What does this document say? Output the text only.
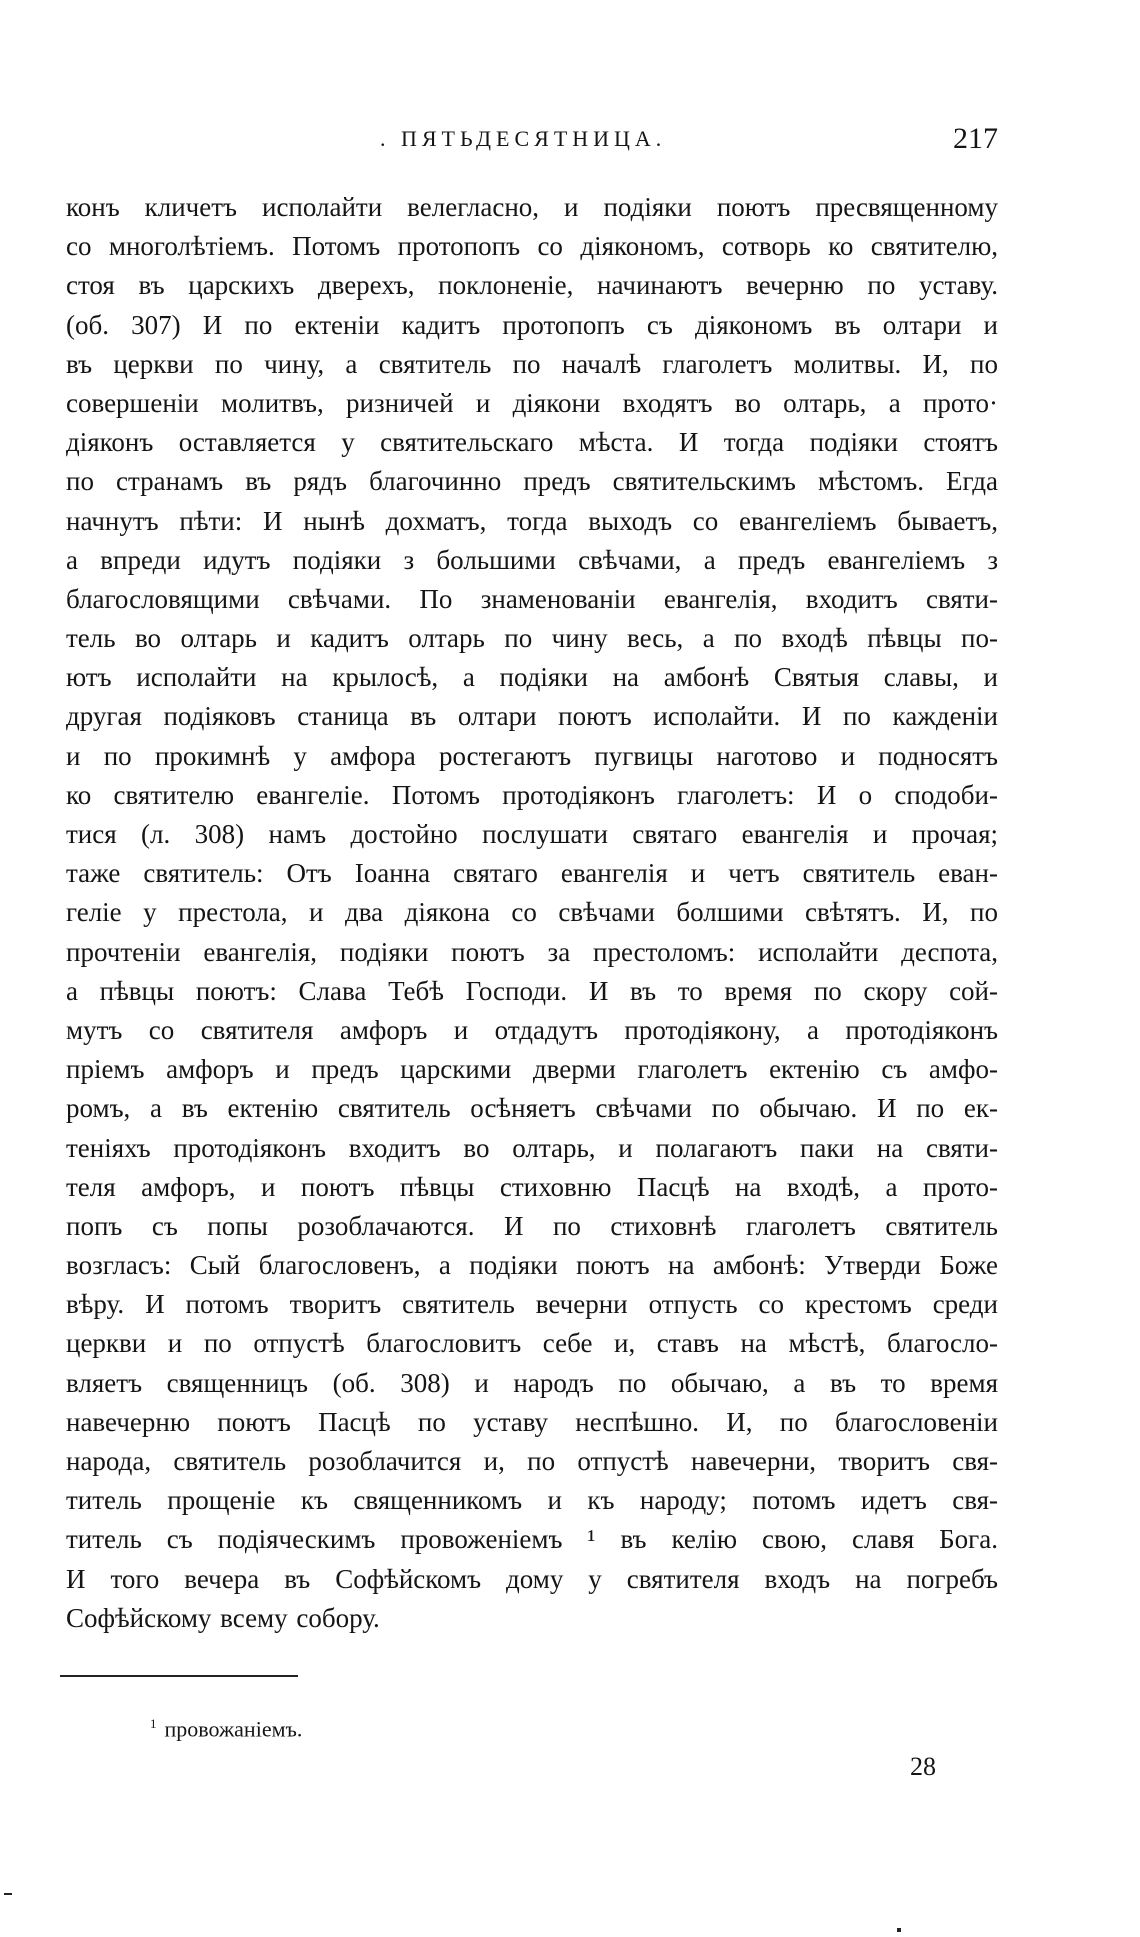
. ПЯТЬДЕСЯТНИЦА.	217
конъ кличетъ исполайти велегласно, и подіяки поютъ пресвященному
со многолѣтіемъ. Потомъ протопопъ со діякономъ, сотворь ко святителю,
стоя въ царскихъ дверехъ, поклоненіе, начинаютъ вечерню по уставу.
(об. 307) И по ектеніи кадитъ протопопъ съ діякономъ въ олтари и
въ церкви по чину, а святитель по началѣ глаголетъ молитвы. И, по
совершеніи молитвъ, ризничей и діякони входятъ во олтарь, а прото·
діяконъ оставляется у святительскаго мѣста. И тогда подіяки стоятъ
по странамъ въ рядъ благочинно предъ святительскимъ мѣстомъ. Егда
начнутъ пѣти: И нынѣ дохматъ, тогда выходъ со евангеліемъ бываетъ,
а впреди идутъ подіяки з большими свѣчами, а предъ евангеліемъ з
благословящими свѣчами. По знаменованіи евангелія, входитъ святи-
тель во олтарь и кадитъ олтарь по чину весь, а по входѣ пѣвцы по-
ютъ исполайти на крылосѣ, а подіяки на амбонѣ Святыя славы, и
другая подіяковъ станица въ олтари поютъ исполайти. И по кажденіи
и по прокимнѣ у амфора ростегаютъ пугвицы наготово и подносятъ
ко святителю евангеліе. Потомъ протодіяконъ глаголетъ: И о сподоби-
тися (л. 308) намъ достойно послушати святаго евангелія и прочая;
таже святитель: Отъ Іоанна святаго евангелія и четъ святитель еван-
геліе у престола, и два діякона со свѣчами болшими свѣтятъ. И, по
прочтеніи евангелія, подіяки поютъ за престоломъ: исполайти деспота,
а пѣвцы поютъ: Слава Тебѣ Господи. И въ то время по скору сой-
мутъ со святителя амфоръ и отдадутъ протодіякону, а протодіяконъ
пріемъ амфоръ и предъ царскими дверми глаголетъ ектенію съ амфо-
ромъ, а въ ектенію святитель осѣняетъ свѣчами по обычаю. И по ек-
теніяхъ протодіяконъ входитъ во олтарь, и полагаютъ паки на святи-
теля амфоръ, и поютъ пѣвцы стиховню Пасцѣ на входѣ, а прото-
попъ съ попы розоблачаются. И по стиховнѣ глаголетъ святитель
возгласъ: Сый благословенъ, а подіяки поютъ на амбонѣ: Утверди Боже
вѣру. И потомъ творитъ святитель вечерни отпусть со крестомъ среди
церкви и по отпустѣ благословитъ себе и, ставъ на мѣстѣ, благосло-
вляетъ священницъ (об. 308) и народъ по обычаю, а въ то время
навечерню поютъ Пасцѣ по уставу неспѣшно. И, по благословеніи
народа, святитель розоблачится и, по отпустѣ навечерни, творитъ свя-
титель прощеніе къ священникомъ и къ народу; потомъ идетъ свя-
титель съ подіяческимъ провоженіемъ ¹ въ келію свою, славя Бога.
И того вечера въ Софѣйскомъ дому у святителя входъ на погребъ
Софѣйскому всему собору.
$^1$ провожаніемъ.
28
